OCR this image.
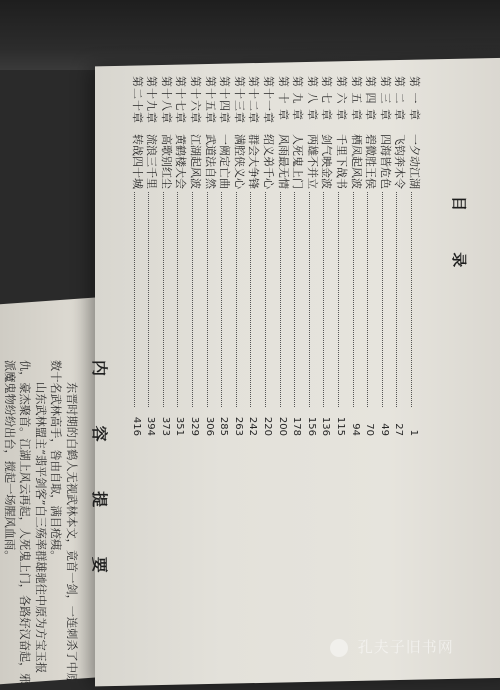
目 录
第 一 章
一夕动江湖
1
第 二 章
飞钩奔木令
27
第 三 章
四海皆危色
49
第 四 章
碧微胜王侯
70
第 五 章
栖凤起风波
94
第 六 章
千里下战书
115
第 七 章
剑气映金波
136
第 八 章
两雄不并立
156
第 九 章
人死鬼上门
178
第 十 章
风雨最无情
200
第十一章
绍义弟千心
220
第十二章
群会大争锋
242
第十三章
满腔侠义心
263
第十四章
一阙定亡曲
285
第十五章
武道法自然
306
第十六章
江湖起风波
329
第十七章
黄鹤楼大会
351
第十八章
高歌别红尘
373
第十九章
流浪三千里
394
第二十章
转战四十城
416
内 容 提 要

东晋时期的白鹤人无视武林本文，竟首一剑，一连刺杀了中原数十名武林高手，咎由自取，满目疮痍。

山东武林盟主“翡平剑客”白三殇率群雄驰往中原为方宝玉报仇，豪杰聚首。江湖上风云再起，人死鬼上门，各路好汉奋起，邪派魔鬼物纷纷出台，搅起一场腥风血雨。

孔夫子旧书网
